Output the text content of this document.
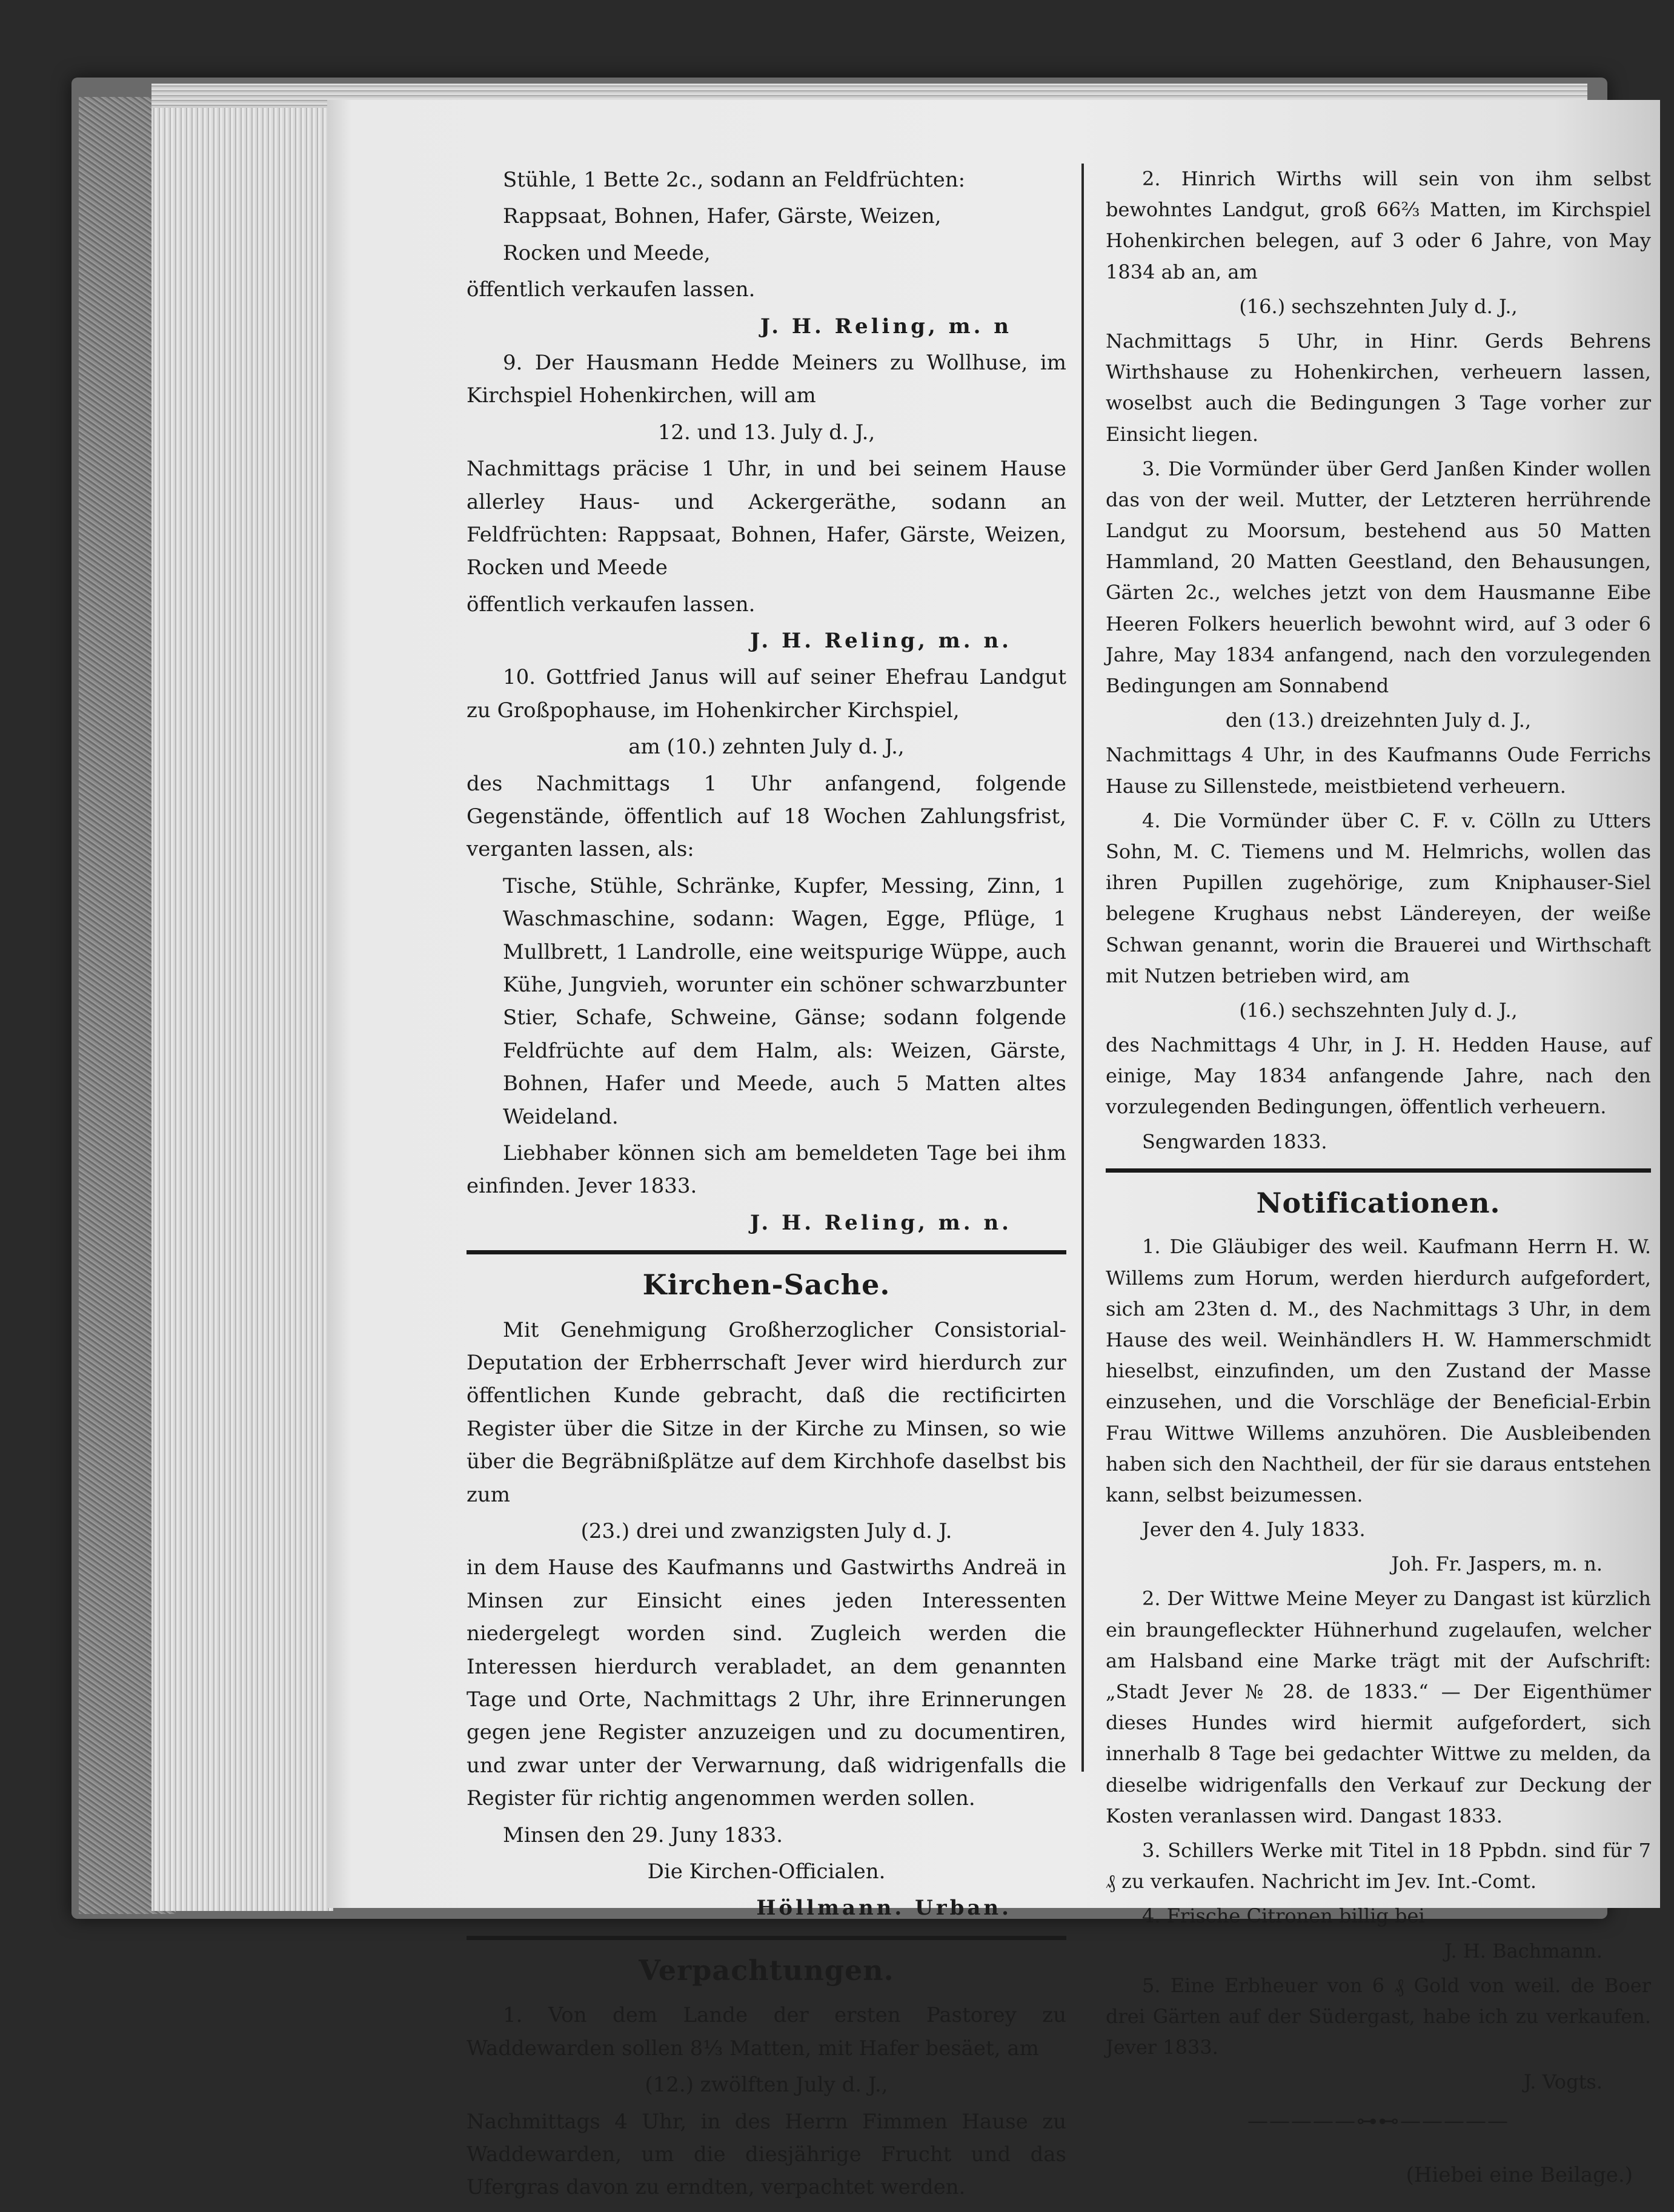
Stühle, 1 Bette 2c., sodann an Feldfrüchten:

Rappsaat, Bohnen, Hafer, Gärste, Weizen,

Rocken und Meede,

öffentlich verkaufen lassen.

J. H. Reling, m. n

9. Der Hausmann Hedde Meiners zu Wollhuse, im Kirchspiel Hohenkirchen, will am

12. und 13. July d. J.,

Nachmittags präcise 1 Uhr, in und bei seinem Hause allerley Haus- und Ackergeräthe, sodann an Feldfrüchten: Rappsaat, Bohnen, Hafer, Gärste, Weizen, Rocken und Meede

öffentlich verkaufen lassen.

J. H. Reling, m. n.

10. Gottfried Janus will auf seiner Ehefrau Landgut zu Großpophause, im Hohenkircher Kirchspiel,

am (10.) zehnten July d. J.,

des Nachmittags 1 Uhr anfangend, folgende Gegenstände, öffentlich auf 18 Wochen Zahlungsfrist, verganten lassen, als:

Tische, Stühle, Schränke, Kupfer, Messing, Zinn, 1 Waschmaschine, sodann: Wagen, Egge, Pflüge, 1 Mullbrett, 1 Landrolle, eine weitspurige Wüppe, auch Kühe, Jungvieh, worunter ein schöner schwarzbunter Stier, Schafe, Schweine, Gänse; sodann folgende Feldfrüchte auf dem Halm, als: Weizen, Gärste, Bohnen, Hafer und Meede, auch 5 Matten altes Weideland.

Liebhaber können sich am bemeldeten Tage bei ihm einfinden. Jever 1833.

J. H. Reling, m. n.

Kirchen-Sache.

Mit Genehmigung Großherzoglicher Consistorial-Deputation der Erbherrschaft Jever wird hierdurch zur öffentlichen Kunde gebracht, daß die rectificirten Register über die Sitze in der Kirche zu Minsen, so wie über die Begräbnißplätze auf dem Kirchhofe daselbst bis zum

(23.) drei und zwanzigsten July d. J.

in dem Hause des Kaufmanns und Gastwirths Andreä in Minsen zur Einsicht eines jeden Interessenten niedergelegt worden sind. Zugleich werden die Interessen hierdurch verabladet, an dem genannten Tage und Orte, Nachmittags 2 Uhr, ihre Erinnerungen gegen jene Register anzuzeigen und zu documentiren, und zwar unter der Verwarnung, daß widrigenfalls die Register für richtig angenommen werden sollen.

Minsen den 29. Juny 1833.

Die Kirchen-Officialen.

Höllmann. Urban.

Verpachtungen.

1. Von dem Lande der ersten Pastorey zu Waddewarden sollen 8⅓ Matten, mit Hafer besäet, am

(12.) zwölften July d. J.,

Nachmittags 4 Uhr, in des Herrn Fimmen Hause zu Waddewarden, um die diesjährige Frucht und das Ufergras davon zu erndten, verpachtet werden.

2. Hinrich Wirths will sein von ihm selbst bewohntes Landgut, groß 66⅔ Matten, im Kirchspiel Hohenkirchen belegen, auf 3 oder 6 Jahre, von May 1834 ab an, am

(16.) sechszehnten July d. J.,

Nachmittags 5 Uhr, in Hinr. Gerds Behrens Wirthshause zu Hohenkirchen, verheuern lassen, woselbst auch die Bedingungen 3 Tage vorher zur Einsicht liegen.

3. Die Vormünder über Gerd Janßen Kinder wollen das von der weil. Mutter, der Letzteren herrührende Landgut zu Moorsum, bestehend aus 50 Matten Hammland, 20 Matten Geestland, den Behausungen, Gärten 2c., welches jetzt von dem Hausmanne Eibe Heeren Folkers heuerlich bewohnt wird, auf 3 oder 6 Jahre, May 1834 anfangend, nach den vorzulegenden Bedingungen am Sonnabend

den (13.) dreizehnten July d. J.,

Nachmittags 4 Uhr, in des Kaufmanns Oude Ferrichs Hause zu Sillenstede, meistbietend verheuern.

4. Die Vormünder über C. F. v. Cölln zu Utters Sohn, M. C. Tiemens und M. Helmrichs, wollen das ihren Pupillen zugehörige, zum Kniphauser-Siel belegene Krughaus nebst Ländereyen, der weiße Schwan genannt, worin die Brauerei und Wirthschaft mit Nutzen betrieben wird, am

(16.) sechszehnten July d. J.,

des Nachmittags 4 Uhr, in J. H. Hedden Hause, auf einige, May 1834 anfangende Jahre, nach den vorzulegenden Bedingungen, öffentlich verheuern.

Sengwarden 1833.

Notificationen.

1. Die Gläubiger des weil. Kaufmann Herrn H. W. Willems zum Horum, werden hierdurch aufgefordert, sich am 23ten d. M., des Nachmittags 3 Uhr, in dem Hause des weil. Weinhändlers H. W. Hammerschmidt hieselbst, einzufinden, um den Zustand der Masse einzusehen, und die Vorschläge der Beneficial-Erbin Frau Wittwe Willems anzuhören. Die Ausbleibenden haben sich den Nachtheil, der für sie daraus entstehen kann, selbst beizumessen.

Jever den 4. July 1833.

Joh. Fr. Jaspers, m. n.

2. Der Wittwe Meine Meyer zu Dangast ist kürzlich ein braungefleckter Hühnerhund zugelaufen, welcher am Halsband eine Marke trägt mit der Aufschrift: „Stadt Jever № 28. de 1833.“ — Der Eigenthümer dieses Hundes wird hiermit aufgefordert, sich innerhalb 8 Tage bei gedachter Wittwe zu melden, da dieselbe widrigenfalls den Verkauf zur Deckung der Kosten veranlassen wird. Dangast 1833.

3. Schillers Werke mit Titel in 18 Ppbdn. sind für 7 ₰ zu verkaufen. Nachricht im Jev. Int.-Comt.

4. Frische Citronen billig bei

J. H. Bachmann.

5. Eine Erbheuer von 6 ₰ Gold von weil. de Boer drei Gärten auf der Südergast, habe ich zu verkaufen. Jever 1833.

J. Vogts.

—————⊶⊷—————

(Hiebei eine Beilage.)
